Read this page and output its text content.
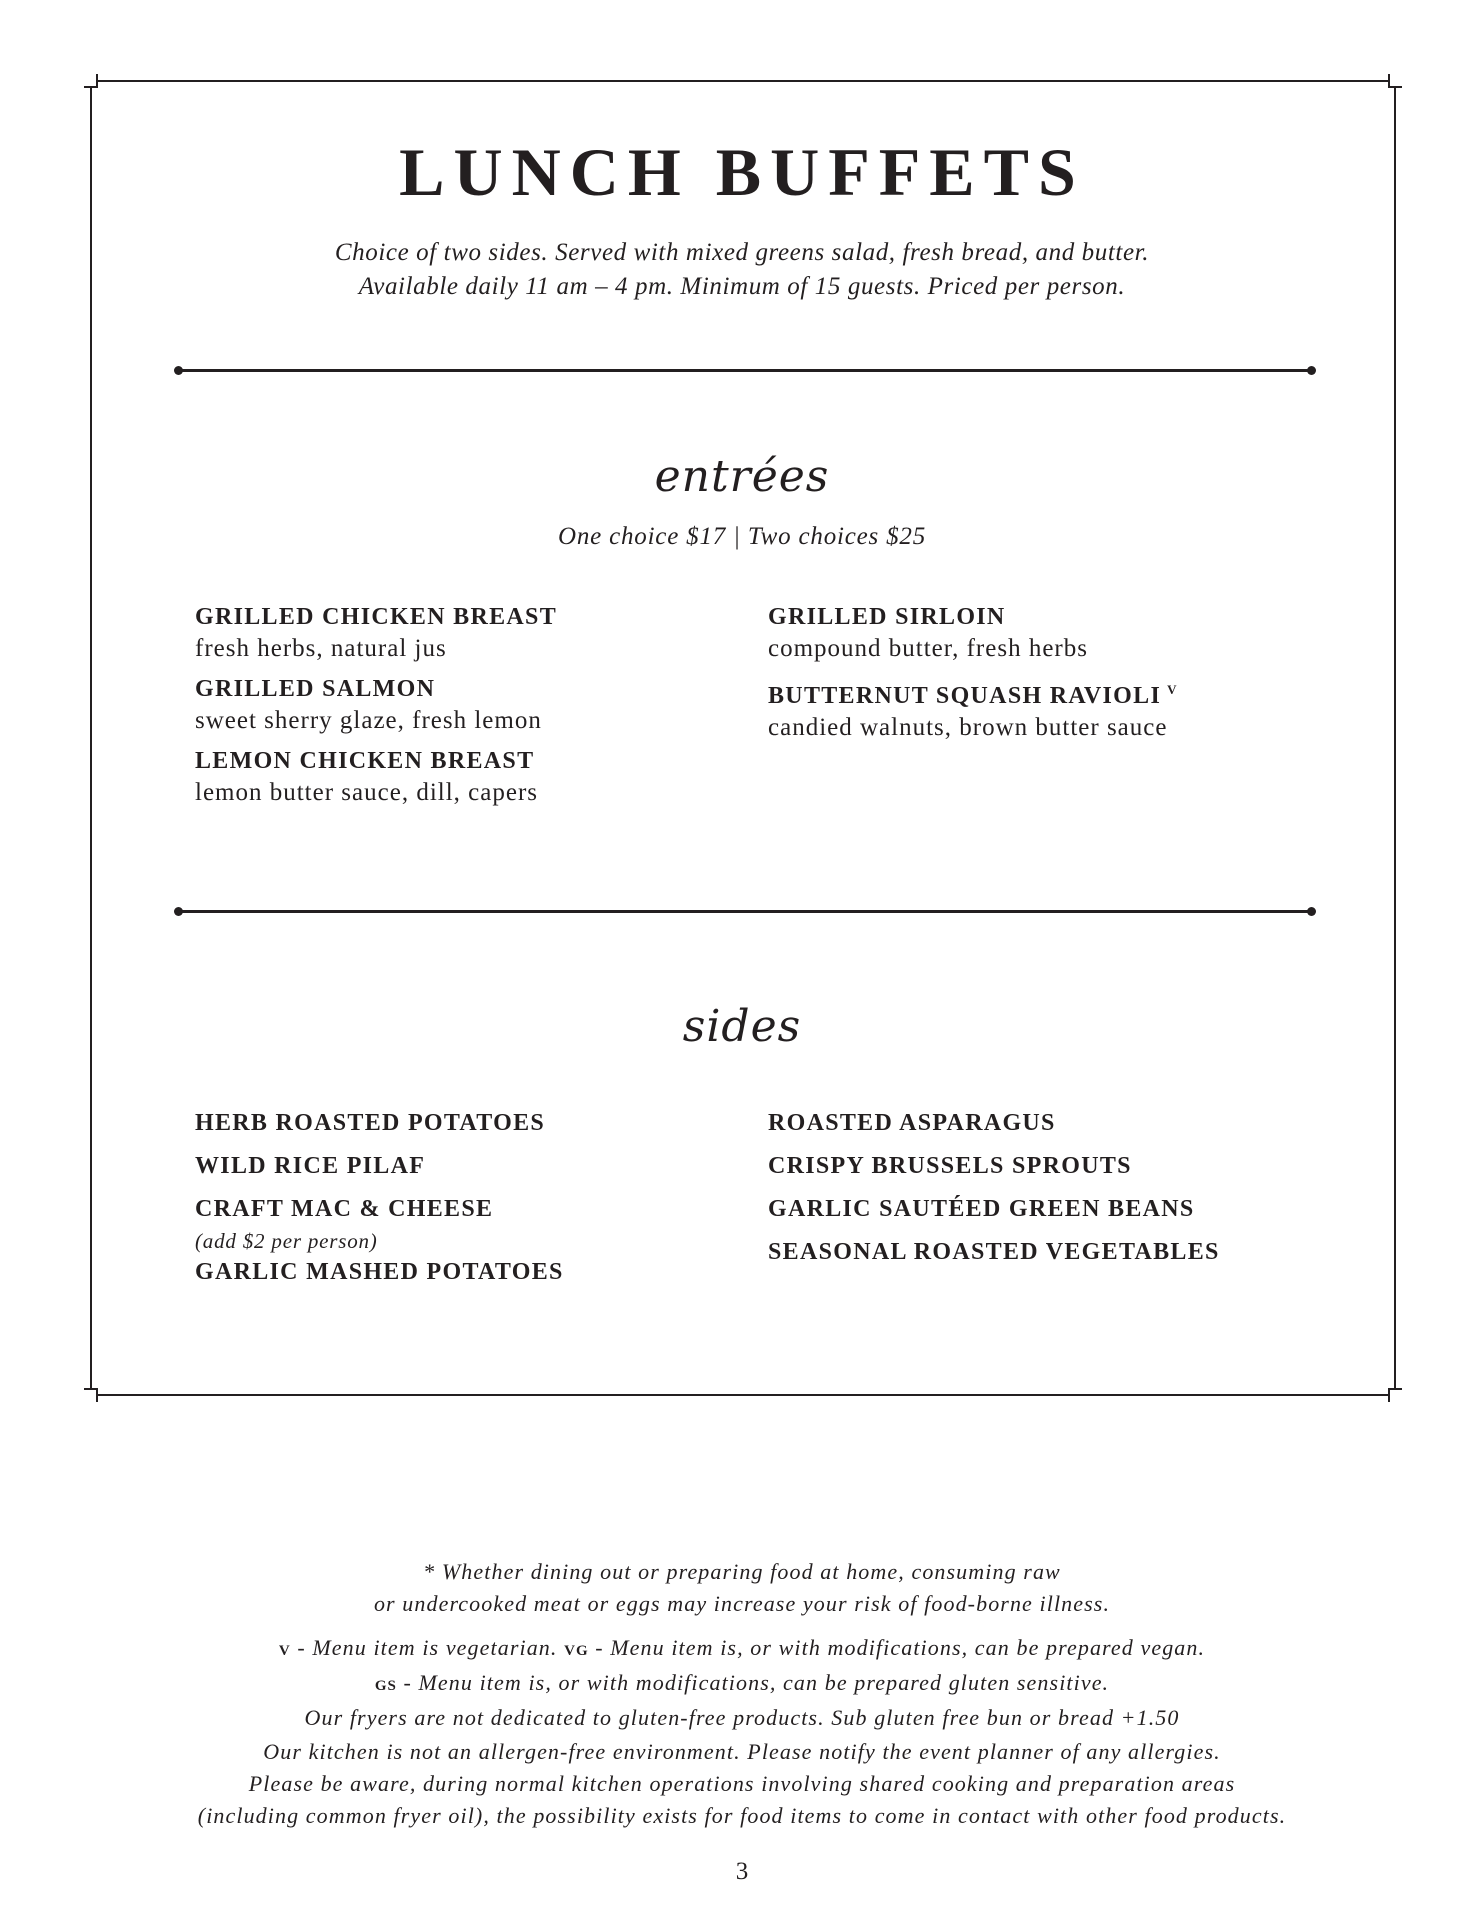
LUNCH BUFFETS
Choice of two sides. Served with mixed greens salad, fresh bread, and butter.
Available daily 11 am – 4 pm. Minimum of 15 guests. Priced per person.
entrées
One choice $17 | Two choices $25
GRILLED CHICKEN BREAST
fresh herbs, natural jus
GRILLED SALMON
sweet sherry glaze, fresh lemon
LEMON CHICKEN BREAST
lemon butter sauce, dill, capers
GRILLED SIRLOIN
compound butter, fresh herbs
BUTTERNUT SQUASH RAVIOLI $^V$
candied walnuts, brown butter sauce
sides
HERB ROASTED POTATOES
WILD RICE PILAF
CRAFT MAC & CHEESE
(add $2 per person)
GARLIC MASHED POTATOES
ROASTED ASPARAGUS
CRISPY BRUSSELS SPROUTS
GARLIC SAUTÉED GREEN BEANS
SEASONAL ROASTED VEGETABLES
* Whether dining out or preparing food at home, consuming raw
or undercooked meat or eggs may increase your risk of food-borne illness.
V - Menu item is vegetarian. VG - Menu item is, or with modifications, can be prepared vegan.
GS - Menu item is, or with modifications, can be prepared gluten sensitive.
Our fryers are not dedicated to gluten-free products. Sub gluten free bun or bread +1.50
Our kitchen is not an allergen-free environment. Please notify the event planner of any allergies.
Please be aware, during normal kitchen operations involving shared cooking and preparation areas
(including common fryer oil), the possibility exists for food items to come in contact with other food products.
3
